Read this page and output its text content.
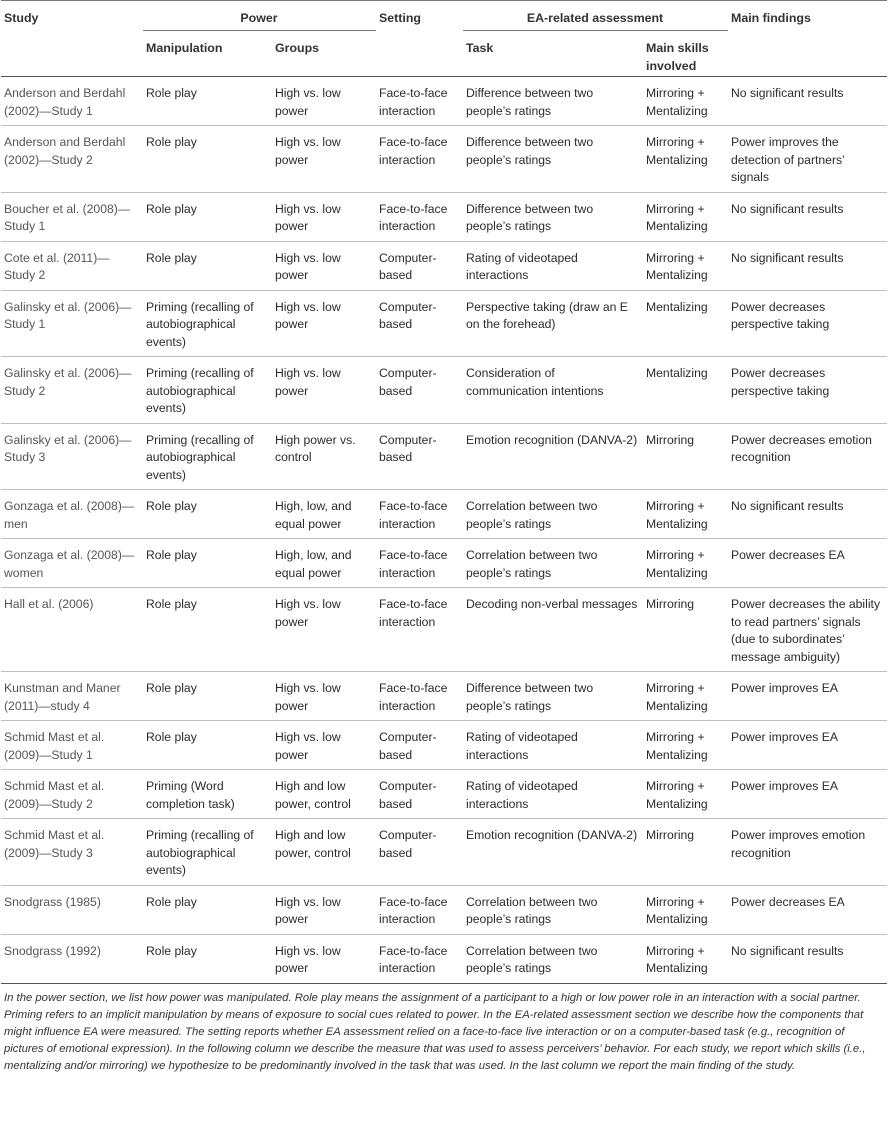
Study	Power		Setting	EA-related assessment		Main findings
	Manipulation	Groups		Task	Main skills involved	
Anderson and Berdahl (2002)—Study 1	Role play	High vs. low power	Face-to-face interaction	Difference between two people’s ratings	Mirroring + Mentalizing	No significant results
Anderson and Berdahl (2002)—Study 2	Role play	High vs. low power	Face-to-face interaction	Difference between two people’s ratings	Mirroring + Mentalizing	Power improves the detection of partners’ signals
Boucher et al. (2008)—Study 1	Role play	High vs. low power	Face-to-face interaction	Difference between two people’s ratings	Mirroring + Mentalizing	No significant results
Cote et al. (2011)—Study 2	Role play	High vs. low power	Computer-based	Rating of videotaped interactions	Mirroring + Mentalizing	No significant results
Galinsky et al. (2006)—Study 1	Priming (recalling of autobiographical events)	High vs. low power	Computer-based	Perspective taking (draw an E on the forehead)	Mentalizing	Power decreases perspective taking
Galinsky et al. (2006)—Study 2	Priming (recalling of autobiographical events)	High vs. low power	Computer-based	Consideration of communication intentions	Mentalizing	Power decreases perspective taking
Galinsky et al. (2006)—Study 3	Priming (recalling of autobiographical events)	High power vs. control	Computer-based	Emotion recognition (DANVA-2)	Mirroring	Power decreases emotion recognition
Gonzaga et al. (2008)—men	Role play	High, low, and equal power	Face-to-face interaction	Correlation between two people’s ratings	Mirroring + Mentalizing	No significant results
Gonzaga et al. (2008)—women	Role play	High, low, and equal power	Face-to-face interaction	Correlation between two people’s ratings	Mirroring + Mentalizing	Power decreases EA
Hall et al. (2006)	Role play	High vs. low power	Face-to-face interaction	Decoding non-verbal messages	Mirroring	Power decreases the ability to read partners’ signals (due to subordinates’ message ambiguity)
Kunstman and Maner (2011)—study 4	Role play	High vs. low power	Face-to-face interaction	Difference between two people’s ratings	Mirroring + Mentalizing	Power improves EA
Schmid Mast et al. (2009)—Study 1	Role play	High vs. low power	Computer-based	Rating of videotaped interactions	Mirroring + Mentalizing	Power improves EA
Schmid Mast et al. (2009)—Study 2	Priming (Word completion task)	High and low power, control	Computer-based	Rating of videotaped interactions	Mirroring + Mentalizing	Power improves EA
Schmid Mast et al. (2009)—Study 3	Priming (recalling of autobiographical events)	High and low power, control	Computer-based	Emotion recognition (DANVA-2)	Mirroring	Power improves emotion recognition
Snodgrass (1985)	Role play	High vs. low power	Face-to-face interaction	Correlation between two people’s ratings	Mirroring + Mentalizing	Power decreases EA
Snodgrass (1992)	Role play	High vs. low power	Face-to-face interaction	Correlation between two people’s ratings	Mirroring + Mentalizing	No significant results

In the power section, we list how power was manipulated. Role play means the assignment of a participant to a high or low power role in an interaction with a social partner. Priming refers to an implicit manipulation by means of exposure to social cues related to power. In the EA-related assessment section we describe how the components that might influence EA were measured. The setting reports whether EA assessment relied on a face-to-face live interaction or on a computer-based task (e.g., recognition of pictures of emotional expression). In the following column we describe the measure that was used to assess perceivers’ behavior. For each study, we report which skills (i.e., mentalizing and/or mirroring) we hypothesize to be predominantly involved in the task that was used. In the last column we report the main finding of the study.
